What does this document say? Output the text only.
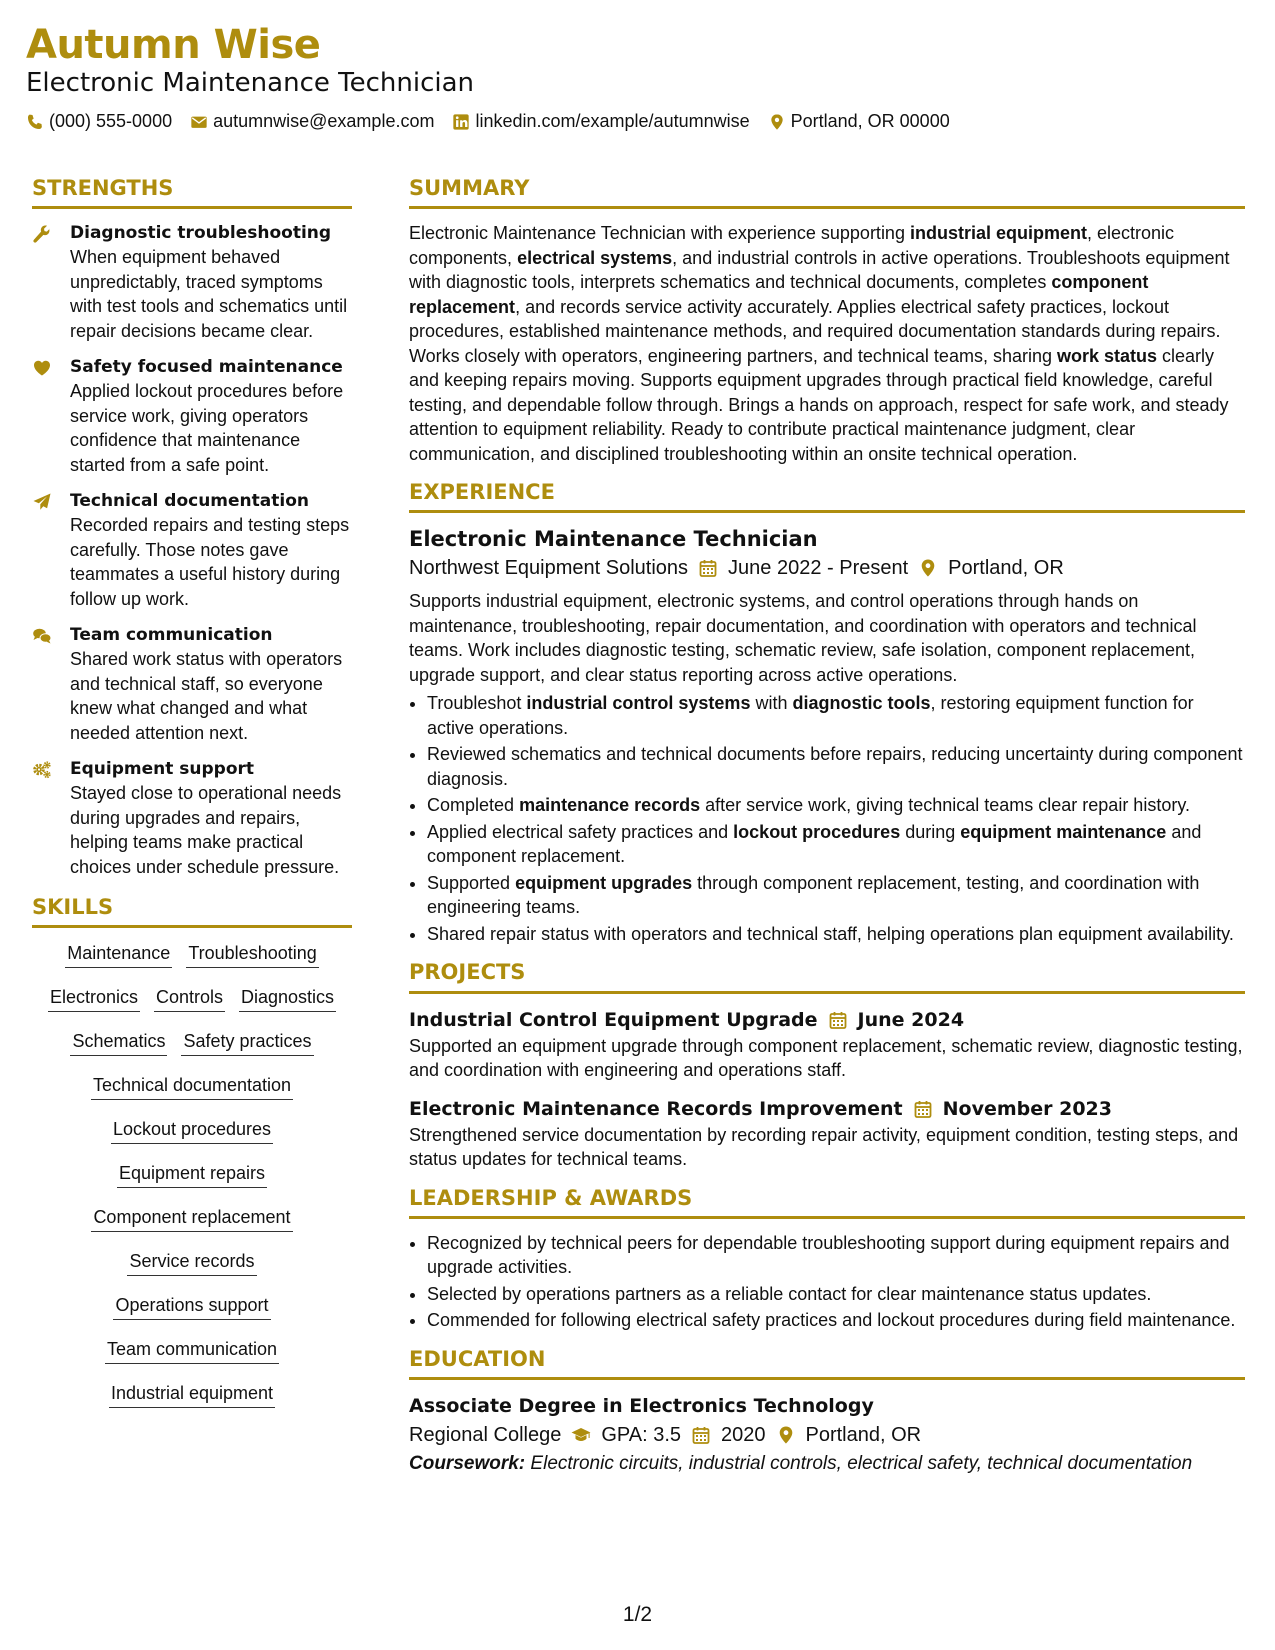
Autumn Wise
Electronic Maintenance Technician
(000) 555-0000 autumnwise@example.com linkedin.com/example/autumnwise Portland, OR 00000
STRENGTHS
Diagnostic troubleshooting
When equipment behaved unpredictably, traced symptoms with test tools and schematics until repair decisions became clear.
Safety focused maintenance
Applied lockout procedures before service work, giving operators confidence that maintenance started from a safe point.
Technical documentation
Recorded repairs and testing steps carefully. Those notes gave teammates a useful history during follow up work.
Team communication
Shared work status with operators and technical staff, so everyone knew what changed and what needed attention next.
Equipment support
Stayed close to operational needs during upgrades and repairs, helping teams make practical choices under schedule pressure.
SKILLS
Maintenance Troubleshooting
Electronics Controls Diagnostics
Schematics Safety practices
Technical documentation
Lockout procedures
Equipment repairs
Component replacement
Service records
Operations support
Team communication
Industrial equipment
SUMMARY

Electronic Maintenance Technician with experience supporting industrial equipment, electronic components, electrical systems, and industrial controls in active operations. Troubleshoots equipment with diagnostic tools, interprets schematics and technical documents, completes component replacement, and records service activity accurately. Applies electrical safety practices, lockout procedures, established maintenance methods, and required documentation standards during repairs. Works closely with operators, engineering partners, and technical teams, sharing work status clearly and keeping repairs moving. Supports equipment upgrades through practical field knowledge, careful testing, and dependable follow through. Brings a hands on approach, respect for safe work, and steady attention to equipment reliability. Ready to contribute practical maintenance judgment, clear communication, and disciplined troubleshooting within an onsite technical operation.

EXPERIENCE
Electronic Maintenance Technician
Northwest Equipment Solutions June 2022 - Present Portland, OR

Supports industrial equipment, electronic systems, and control operations through hands on maintenance, troubleshooting, repair documentation, and coordination with operators and technical teams. Work includes diagnostic testing, schematic review, safe isolation, component replacement, upgrade support, and clear status reporting across active operations.

• Troubleshot industrial control systems with diagnostic tools, restoring equipment function for active operations.
• Reviewed schematics and technical documents before repairs, reducing uncertainty during component diagnosis.
• Completed maintenance records after service work, giving technical teams clear repair history.
• Applied electrical safety practices and lockout procedures during equipment maintenance and component replacement.
• Supported equipment upgrades through component replacement, testing, and coordination with engineering teams.
• Shared repair status with operators and technical staff, helping operations plan equipment availability.
PROJECTS
Industrial Control Equipment Upgrade June 2024

Supported an equipment upgrade through component replacement, schematic review, diagnostic testing, and coordination with engineering and operations staff.

Electronic Maintenance Records Improvement November 2023

Strengthened service documentation by recording repair activity, equipment condition, testing steps, and status updates for technical teams.

LEADERSHIP & AWARDS
• Recognized by technical peers for dependable troubleshooting support during equipment repairs and upgrade activities.
• Selected by operations partners as a reliable contact for clear maintenance status updates.
• Commended for following electrical safety practices and lockout procedures during field maintenance.
EDUCATION
Associate Degree in Electronics Technology
Regional College GPA: 3.5 2020 Portland, OR
Coursework: Electronic circuits, industrial controls, electrical safety, technical documentation
1/2
